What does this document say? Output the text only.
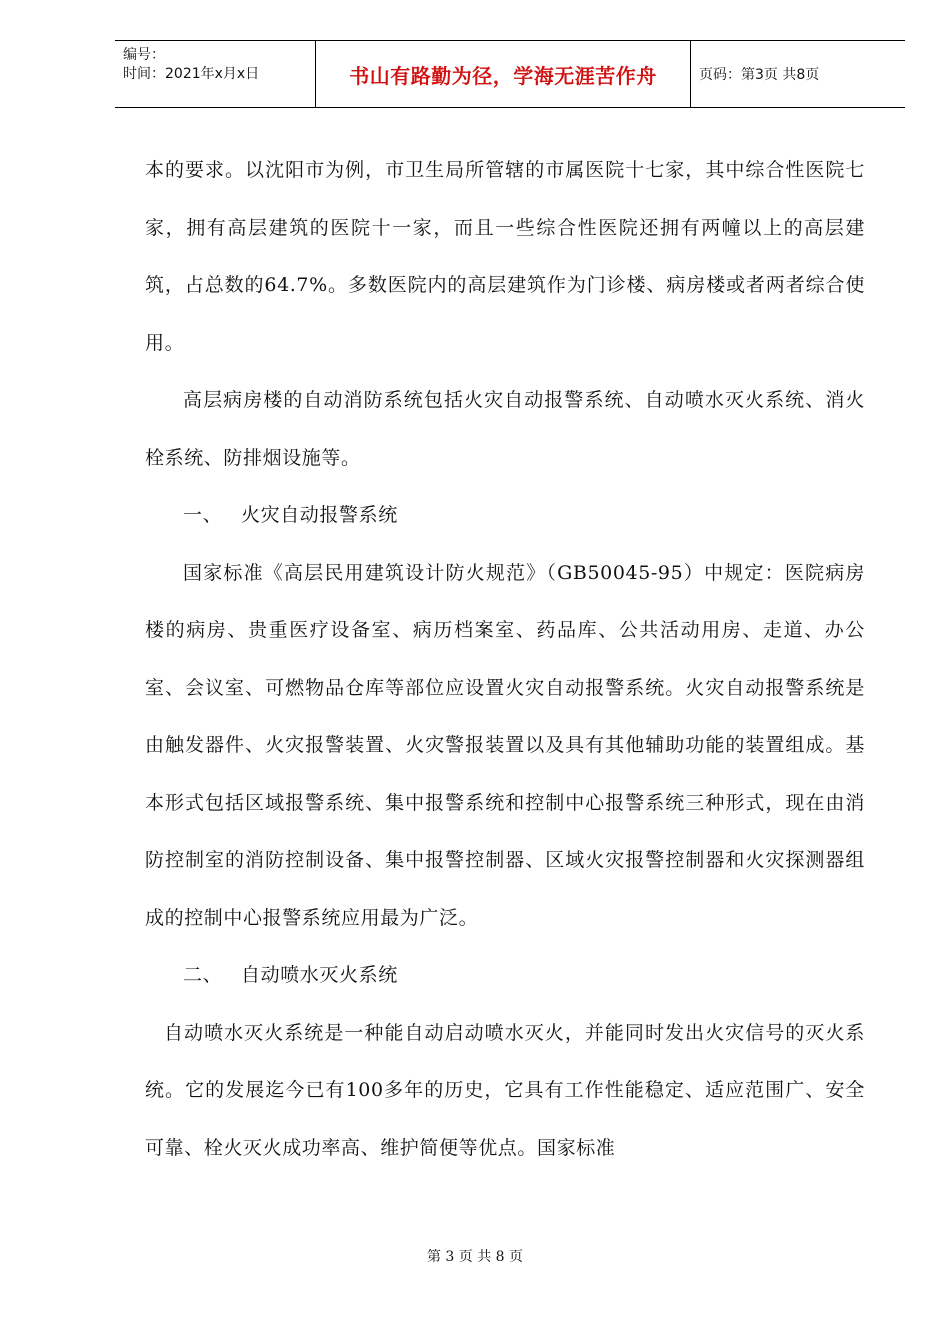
编号：
时间：2021年x月x日	书山有路勤为径，学海无涯苦作舟	页码：第3页 共8页

本的要求。以沈阳市为例，市卫生局所管辖的市属医院十七家，其中综合性医院七家，拥有高层建筑的医院十一家，而且一些综合性医院还拥有两幢以上的高层建筑，占总数的64.7%。多数医院内的高层建筑作为门诊楼、病房楼或者两者综合使用。

高层病房楼的自动消防系统包括火灾自动报警系统、自动喷水灭火系统、消火栓系统、防排烟设施等。

一、 火灾自动报警系统

国家标准《高层民用建筑设计防火规范》（GB50045-95）中规定：医院病房楼的病房、贵重医疗设备室、病历档案室、药品库、公共活动用房、走道、办公室、会议室、可燃物品仓库等部位应设置火灾自动报警系统。火灾自动报警系统是由触发器件、火灾报警装置、火灾警报装置以及具有其他辅助功能的装置组成。基本形式包括区域报警系统、集中报警系统和控制中心报警系统三种形式，现在由消防控制室的消防控制设备、集中报警控制器、区域火灾报警控制器和火灾探测器组成的控制中心报警系统应用最为广泛。

二、 自动喷水灭火系统

自动喷水灭火系统是一种能自动启动喷水灭火，并能同时发出火灾信号的灭火系统。它的发展迄今已有100多年的历史，它具有工作性能稳定、适应范围广、安全可靠、栓火灭火成功率高、维护简便等优点。国家标准

第 3 页 共 8 页
